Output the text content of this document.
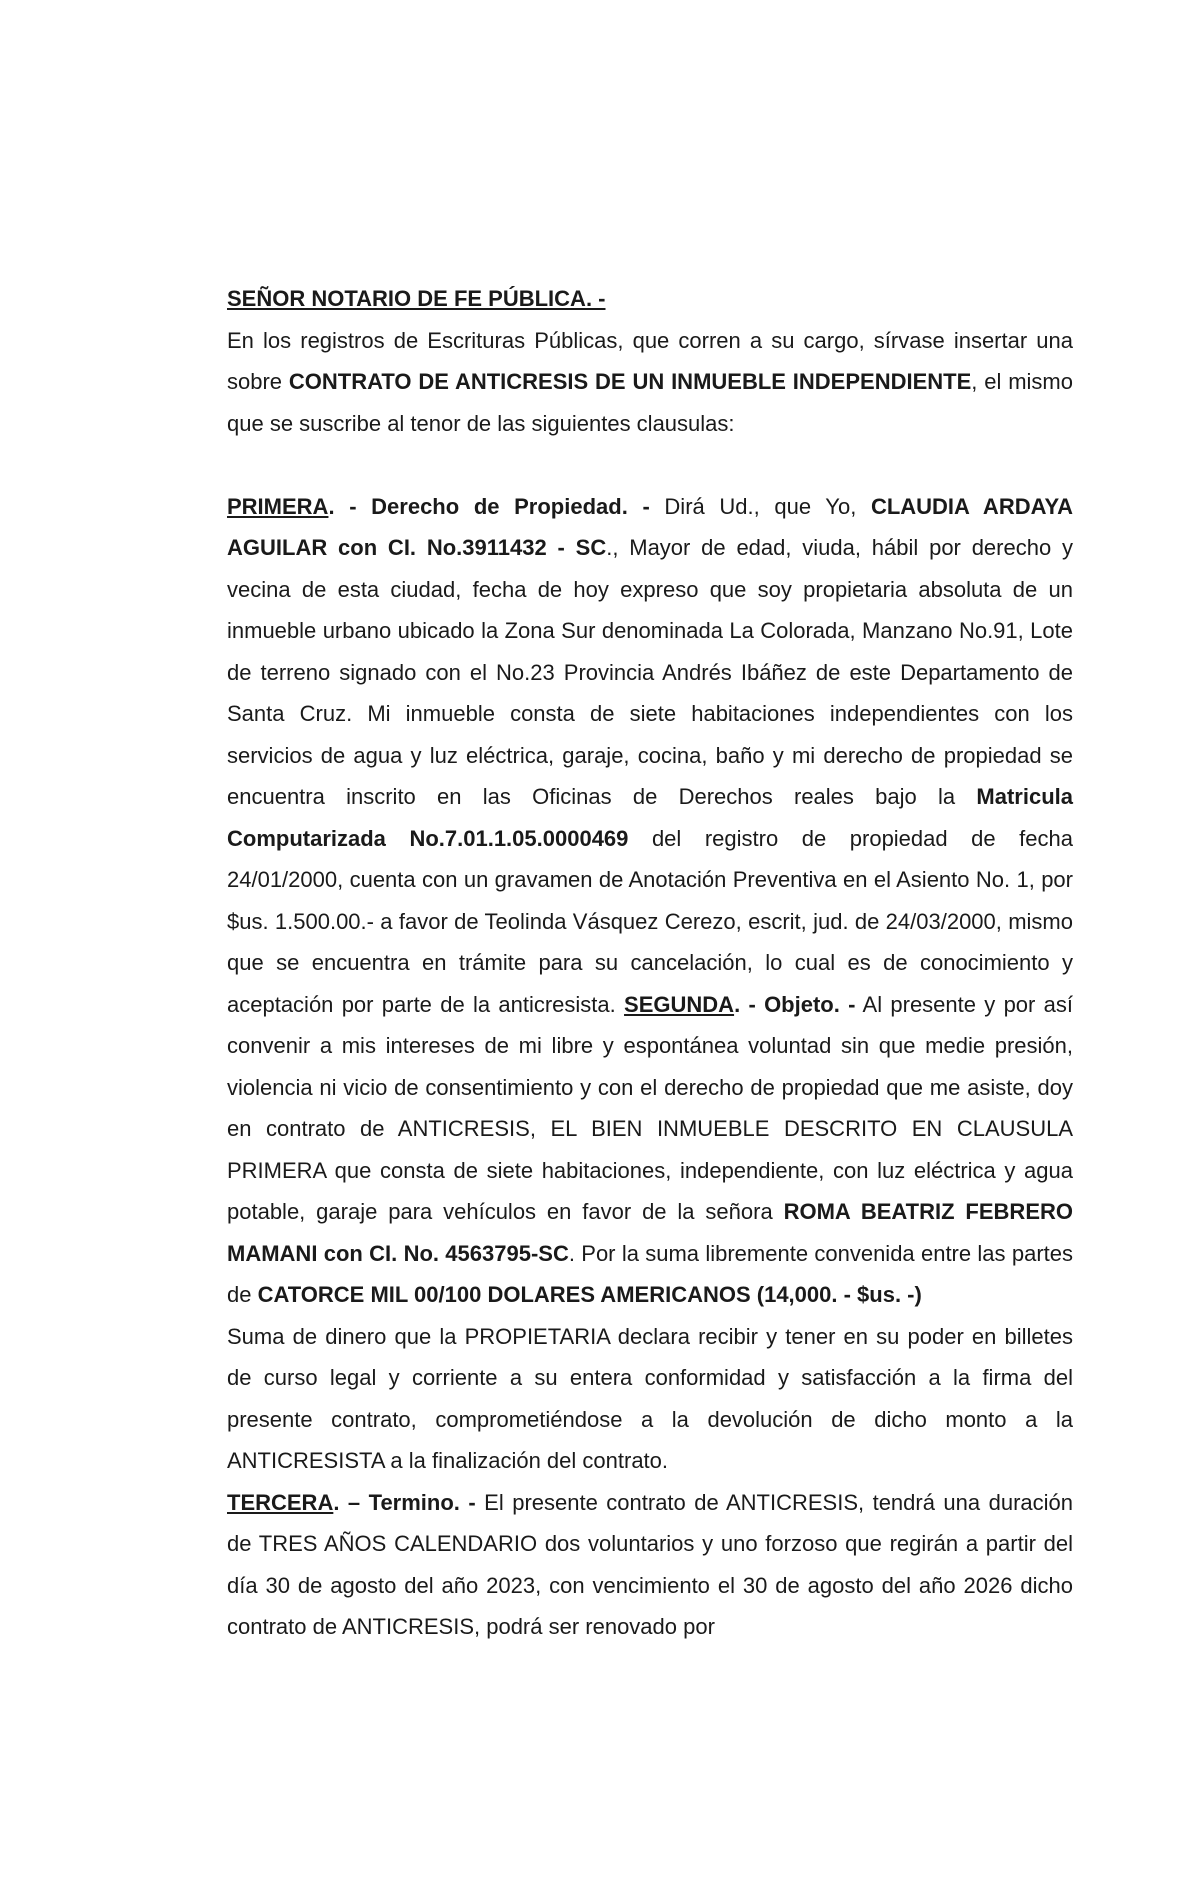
SEÑOR NOTARIO DE FE PÚBLICA. -

En los registros de Escrituras Públicas, que corren a su cargo, sírvase insertar una sobre CONTRATO DE ANTICRESIS DE UN INMUEBLE INDEPENDIENTE, el mismo que se suscribe al tenor de las siguientes clausulas:

PRIMERA. - Derecho de Propiedad. - Dirá Ud., que Yo, CLAUDIA ARDAYA AGUILAR con CI. No.3911432 - SC., Mayor de edad, viuda, hábil por derecho y vecina de esta ciudad, fecha de hoy expreso que soy propietaria absoluta de un inmueble urbano ubicado la Zona Sur denominada La Colorada, Manzano No.91, Lote de terreno signado con el No.23 Provincia Andrés Ibáñez de este Departamento de Santa Cruz. Mi inmueble consta de siete habitaciones independientes con los servicios de agua y luz eléctrica, garaje, cocina, baño y mi derecho de propiedad se encuentra inscrito en las Oficinas de Derechos reales bajo la Matricula Computarizada No.7.01.1.05.0000469 del registro de propiedad de fecha 24/01/2000, cuenta con un gravamen de Anotación Preventiva en el Asiento No. 1, por $us. 1.500.00.- a favor de Teolinda Vásquez Cerezo, escrit, jud. de 24/03/2000, mismo que se encuentra en trámite para su cancelación, lo cual es de conocimiento y aceptación por parte de la anticresista. SEGUNDA. - Objeto. - Al presente y por así convenir a mis intereses de mi libre y espontánea voluntad sin que medie presión, violencia ni vicio de consentimiento y con el derecho de propiedad que me asiste, doy en contrato de ANTICRESIS, EL BIEN INMUEBLE DESCRITO EN CLAUSULA PRIMERA que consta de siete habitaciones, independiente, con luz eléctrica y agua potable, garaje para vehículos en favor de la señora ROMA BEATRIZ FEBRERO MAMANI con CI. No. 4563795-SC. Por la suma libremente convenida entre las partes de CATORCE MIL 00/100 DOLARES AMERICANOS (14,000. - $us. -)

Suma de dinero que la PROPIETARIA declara recibir y tener en su poder en billetes de curso legal y corriente a su entera conformidad y satisfacción a la firma del presente contrato, comprometiéndose a la devolución de dicho monto a la ANTICRESISTA a la finalización del contrato.

TERCERA. – Termino. - El presente contrato de ANTICRESIS, tendrá una duración de TRES AÑOS CALENDARIO dos voluntarios y uno forzoso que regirán a partir del día 30 de agosto del año 2023, con vencimiento el 30 de agosto del año 2026 dicho contrato de ANTICRESIS, podrá ser renovado por
